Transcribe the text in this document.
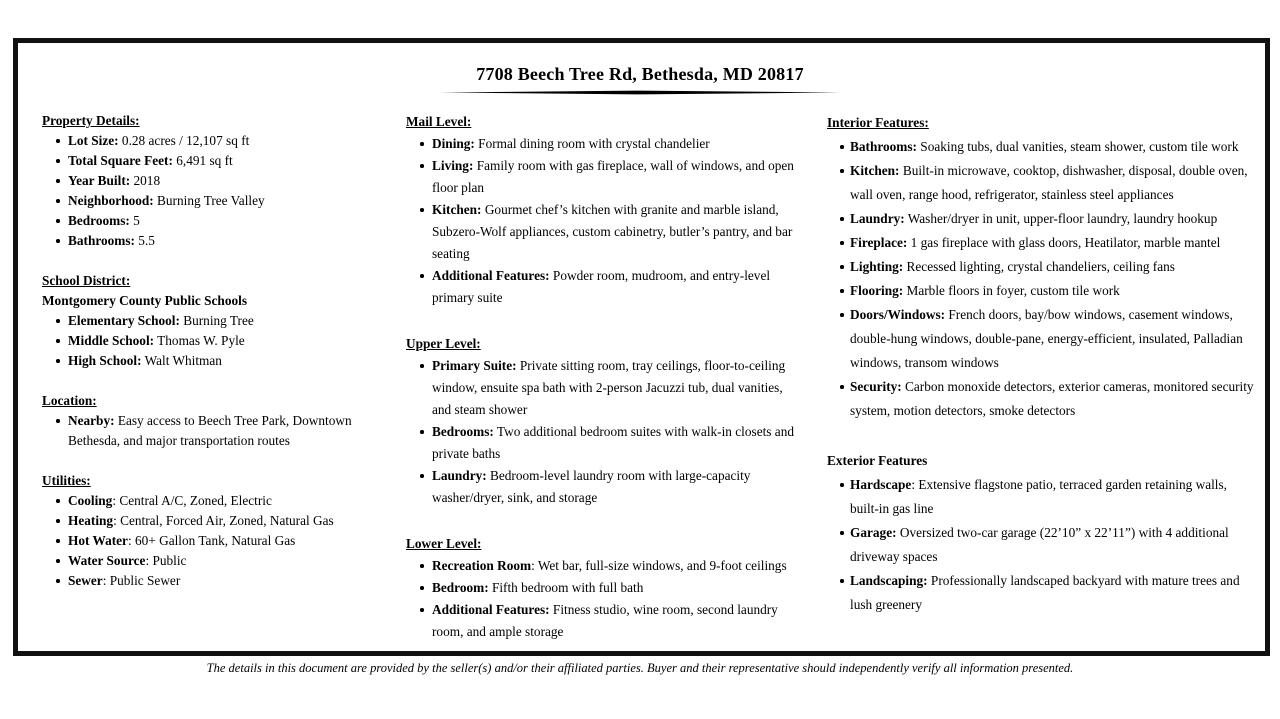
7708 Beech Tree Rd, Bethesda, MD 20817
Property Details:
Lot Size: 0.28 acres / 12,107 sq ft
Total Square Feet: 6,491 sq ft
Year Built: 2018
Neighborhood: Burning Tree Valley
Bedrooms: 5
Bathrooms: 5.5
School District:
Montgomery County Public Schools
Elementary School: Burning Tree
Middle School: Thomas W. Pyle
High School: Walt Whitman
Location:
Nearby: Easy access to Beech Tree Park, Downtown Bethesda, and major transportation routes
Utilities:
Cooling: Central A/C, Zoned, Electric
Heating: Central, Forced Air, Zoned, Natural Gas
Hot Water: 60+ Gallon Tank, Natural Gas
Water Source: Public
Sewer: Public Sewer
Mail Level:
Dining: Formal dining room with crystal chandelier
Living: Family room with gas fireplace, wall of windows, and open floor plan
Kitchen: Gourmet chef’s kitchen with granite and marble island, Subzero-Wolf appliances, custom cabinetry, butler’s pantry, and bar seating
Additional Features: Powder room, mudroom, and entry-level primary suite
Upper Level:
Primary Suite: Private sitting room, tray ceilings, floor-to-ceiling window, ensuite spa bath with 2-person Jacuzzi tub, dual vanities, and steam shower
Bedrooms: Two additional bedroom suites with walk-in closets and private baths
Laundry: Bedroom-level laundry room with large-capacity washer/dryer, sink, and storage
Lower Level:
Recreation Room: Wet bar, full-size windows, and 9-foot ceilings
Bedroom: Fifth bedroom with full bath
Additional Features: Fitness studio, wine room, second laundry room, and ample storage
Interior Features:
Bathrooms: Soaking tubs, dual vanities, steam shower, custom tile work
Kitchen: Built-in microwave, cooktop, dishwasher, disposal, double oven, wall oven, range hood, refrigerator, stainless steel appliances
Laundry: Washer/dryer in unit, upper-floor laundry, laundry hookup
Fireplace: 1 gas fireplace with glass doors, Heatilator, marble mantel
Lighting: Recessed lighting, crystal chandeliers, ceiling fans
Flooring: Marble floors in foyer, custom tile work
Doors/Windows: French doors, bay/bow windows, casement windows, double-hung windows, double-pane, energy-efficient, insulated, Palladian windows, transom windows
Security: Carbon monoxide detectors, exterior cameras, monitored security system, motion detectors, smoke detectors
Exterior Features
Hardscape: Extensive flagstone patio, terraced garden retaining walls, built-in gas line
Garage: Oversized two-car garage (22’10” x 22’11”) with 4 additional driveway spaces
Landscaping: Professionally landscaped backyard with mature trees and lush greenery
The details in this document are provided by the seller(s) and/or their affiliated parties. Buyer and their representative should independently verify all information presented.
